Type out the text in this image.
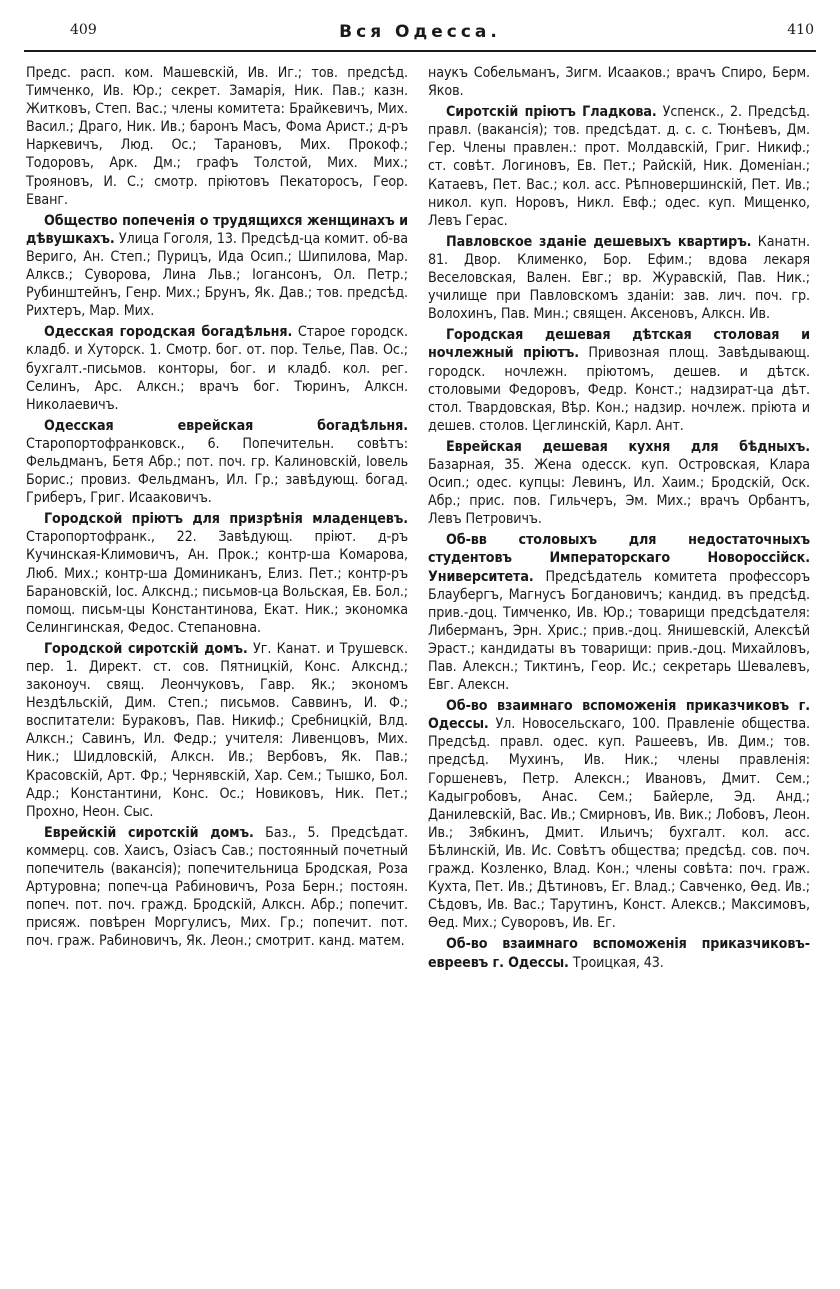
409	Вся Одесса.	410

Предс. расп. ком. Машевскій, Ив. Иг.; тов. предсѣд. Тимченко, Ив. Юр.; секрет. Замарія, Ник. Пав.; казн. Житковъ, Степ. Вас.; члены комитета: Брайкевичъ, Мих. Васил.; Драго, Ник. Ив.; баронъ Масъ, Фома Арист.; д-ръ Наркевичъ, Люд. Ос.; Тарановъ, Мих. Прокоф.; Тодоровъ, Арк. Дм.; графъ Толстой, Мих. Мих.; Трояновъ, И. С.; смотр. пріютовъ Пекаторосъ, Геор. Еванг.

Общество попеченія о трудящихся женщинахъ и дѣвушкахъ. Улица Гоголя, 13. Предсѣд-ца комит. об-ва Вериго, Ан. Степ.; Пурицъ, Ида Осип.; Шипилова, Мар. Алксв.; Суворова, Лина Льв.; Іогансонъ, Ол. Петр.; Рубинштейнъ, Генр. Мих.; Брунъ, Як. Дав.; тов. предсѣд. Рихтеръ, Мар. Мих.

Одесская городская богадѣльня. Старое городск. кладб. и Хуторск. 1. Смотр. бог. от. пор. Телье, Пав. Ос.; бухгалт.-письмов. конторы, бог. и кладб. кол. рег. Селинъ, Арс. Алксн.; врачъ бог. Тюринъ, Алксн. Николаевичъ.

Одесская еврейская богадѣльня. Старопортофранковск., 6. Попечительн. совѣтъ: Фельдманъ, Бетя Абр.; пот. поч. гр. Калиновскій, Іовель Борис.; провиз. Фельдманъ, Ил. Гр.; завѣдующ. богад. Гриберъ, Григ. Исааковичъ.

Городской пріютъ для призрѣнія младенцевъ. Старопортофранк., 22. Завѣдующ. пріют. д-ръ Кучинская-Климовичъ, Ан. Прок.; контр-ша Комарова, Люб. Мих.; контр-ша Доминиканъ, Елиз. Пет.; контр-ръ Барановскій, Іос. Алкснд.; письмов-ца Вольская, Ев. Бол.; помощ. письм-цы Константинова, Екат. Ник.; экономка Селингинская, Федос. Степановна.

Городской сиротскій домъ. Уг. Канат. и Трушевск. пер. 1. Директ. ст. сов. Пятницкій, Конс. Алкснд.; законоуч. свящ. Леончуковъ, Гавр. Як.; экономъ Нездѣльскій, Дим. Степ.; письмов. Саввинъ, И. Ф.; воспитатели: Бураковъ, Пав. Никиф.; Сребницкій, Влд. Алксн.; Савинъ, Ил. Федр.; учителя: Ливенцовъ, Мих. Ник.; Шидловскій, Алксн. Ив.; Вербовъ, Як. Пав.; Красовскій, Арт. Фр.; Чернявскій, Хар. Сем.; Тышко, Бол. Адр.; Константини, Конс. Ос.; Новиковъ, Ник. Пет.; Прохно, Неон. Сыс.

Еврейскій сиротскій домъ. Баз., 5. Предсѣдат. коммерц. сов. Хаисъ, Озіасъ Сав.; постоянный почетный попечитель (вакансія); попечительница Бродская, Роза Артуровна; попеч-ца Рабиновичъ, Роза Берн.; постоян. попеч. пот. поч. гражд. Бродскій, Алксн. Абр.; попечит. присяж. повѣрен Моргулисъ, Мих. Гр.; попечит. пот. поч. граж. Рабиновичъ, Як. Леон.; смотрит. канд. матем.

наукъ Собельманъ, Зигм. Исааков.; врачъ Спиро, Берм. Яков.

Сиротскій пріютъ Гладкова. Успенск., 2. Предсѣд. правл. (вакансія); тов. предсѣдат. д. с. с. Тюнѣевъ, Дм. Гер. Члены правлен.: прот. Молдавскій, Григ. Никиф.; ст. совѣт. Логиновъ, Ев. Пет.; Райскій, Ник. Доменіан.; Катаевъ, Пет. Вас.; кол. асс. Рѣпновершинскій, Пет. Ив.; никол. куп. Норовъ, Никл. Евф.; одес. куп. Мищенко, Левъ Герас.

Павловское зданіе дешевыхъ квартиръ. Канатн. 81. Двор. Клименко, Бор. Ефим.; вдова лекаря Веселовская, Вален. Евг.; вр. Журавскій, Пав. Ник.; училище при Павловскомъ зданіи: зав. лич. поч. гр. Волохинъ, Пав. Мин.; священ. Аксеновъ, Алксн. Ив.

Городская дешевая дѣтская столовая и ночлежный пріютъ. Привозная площ. Завѣдывающ. городск. ночлежн. пріютомъ, дешев. и дѣтск. столовыми Федоровъ, Федр. Конст.; надзират-ца дѣт. стол. Твардовская, Вѣр. Кон.; надзир. ночлеж. пріюта и дешев. столов. Цеглинскій, Карл. Ант.

Еврейская дешевая кухня для бѣдныхъ. Базарная, 35. Жена одесск. куп. Островская, Клара Осип.; одес. купцы: Левинъ, Ил. Хаим.; Бродскій, Оск. Абр.; прис. пов. Гильчеръ, Эм. Мих.; врачъ Орбантъ, Левъ Петровичъ.

Об-вв столовыхъ для недостаточныхъ студентовъ Императорскаго Новороссійск. Университета. Предсѣдатель комитета профессоръ Блаубергъ, Магнусъ Богдановичъ; кандид. въ предсѣд. прив.-доц. Тимченко, Ив. Юр.; товарищи предсѣдателя: Либерманъ, Эрн. Хрис.; прив.-доц. Янишевскій, Алексѣй Эраст.; кандидаты въ товарищи: прив.-доц. Михайловъ, Пав. Алексн.; Тиктинъ, Геор. Ис.; секретарь Шевалевъ, Евг. Алексн.

Об-во взаимнаго вспоможенія приказчиковъ г. Одессы. Ул. Новосельскаго, 100. Правленіе общества. Предсѣд. правл. одес. куп. Рашеевъ, Ив. Дим.; тов. предсѣд. Мухинъ, Ив. Ник.; члены правленія: Горшеневъ, Петр. Алексн.; Ивановъ, Дмит. Сем.; Кадыгробовъ, Анас. Сем.; Байерле, Эд. Анд.; Данилевскій, Вас. Ив.; Смирновъ, Ив. Вик.; Лобовъ, Леон. Ив.; Зябкинъ, Дмит. Ильичъ; бухгалт. кол. асс. Бѣлинскій, Ив. Ис. Совѣтъ общества; предсѣд. сов. поч. гражд. Козленко, Влад. Кон.; члены совѣта: поч. граж. Кухта, Пет. Ив.; Дѣтиновъ, Ег. Влад.; Савченко, Ѳед. Ив.; Сѣдовъ, Ив. Вас.; Тарутинъ, Конст. Алексв.; Максимовъ, Ѳед. Мих.; Суворовъ, Ив. Ег.

Об-во взаимнаго вспоможенія приказчиковъ-евреевъ г. Одессы. Троицкая, 43.
